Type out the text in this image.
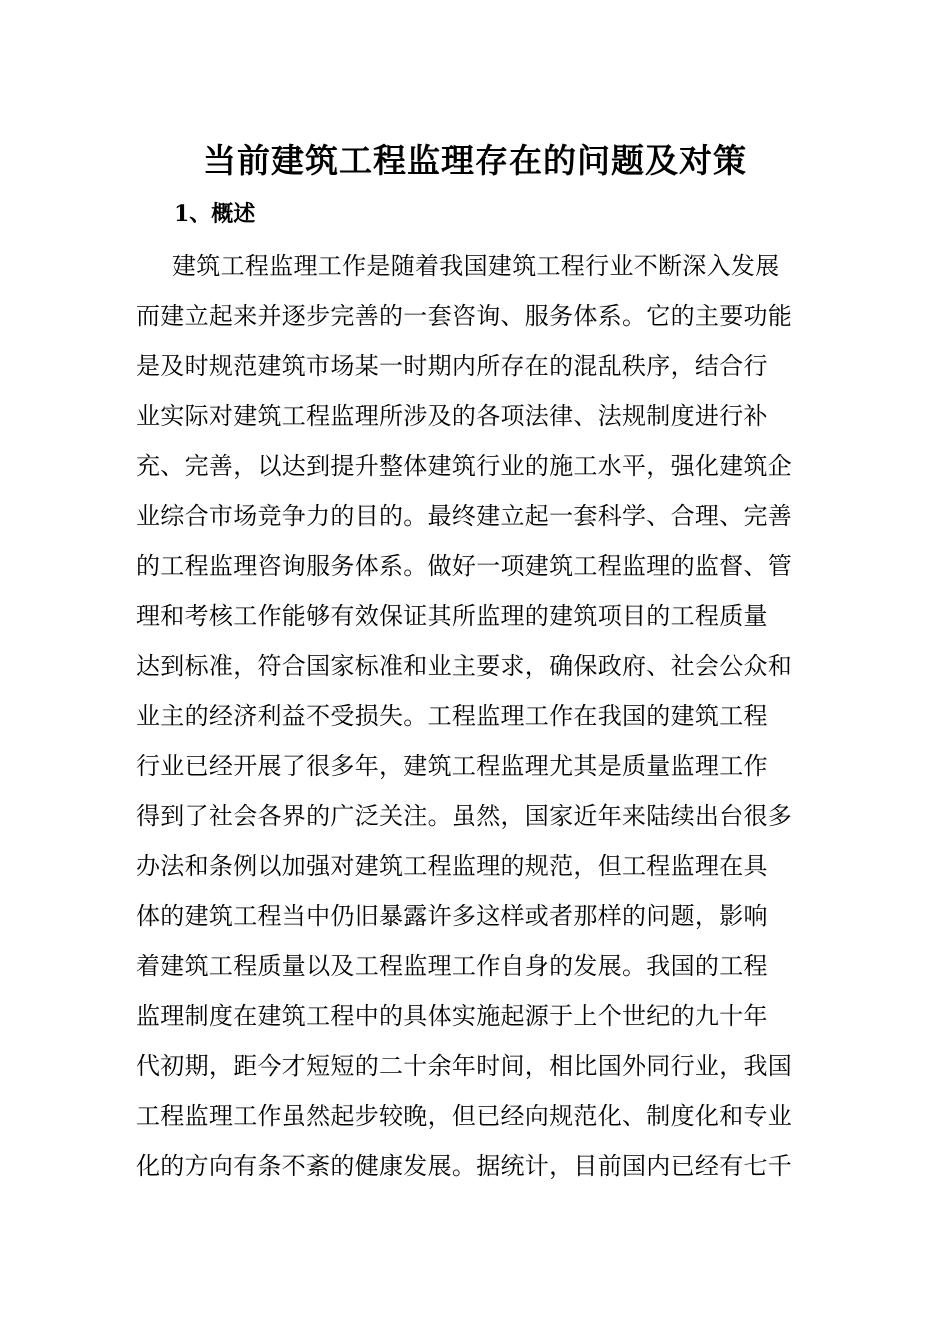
当前建筑工程监理存在的问题及对策
1、概述
建筑工程监理工作是随着我国建筑工程行业不断深入发展
而建立起来并逐步完善的一套咨询、服务体系。它的主要功能
是及时规范建筑市场某一时期内所存在的混乱秩序，结合行
业实际对建筑工程监理所涉及的各项法律、法规制度进行补
充、完善，以达到提升整体建筑行业的施工水平，强化建筑企
业综合市场竞争力的目的。最终建立起一套科学、合理、完善
的工程监理咨询服务体系。做好一项建筑工程监理的监督、管
理和考核工作能够有效保证其所监理的建筑项目的工程质量
达到标准，符合国家标准和业主要求，确保政府、社会公众和
业主的经济利益不受损失。工程监理工作在我国的建筑工程
行业已经开展了很多年，建筑工程监理尤其是质量监理工作
得到了社会各界的广泛关注。虽然，国家近年来陆续出台很多
办法和条例以加强对建筑工程监理的规范，但工程监理在具
体的建筑工程当中仍旧暴露许多这样或者那样的问题，影响
着建筑工程质量以及工程监理工作自身的发展。我国的工程
监理制度在建筑工程中的具体实施起源于上个世纪的九十年
代初期，距今才短短的二十余年时间，相比国外同行业，我国
工程监理工作虽然起步较晚，但已经向规范化、制度化和专业
化的方向有条不紊的健康发展。据统计，目前国内已经有七千
